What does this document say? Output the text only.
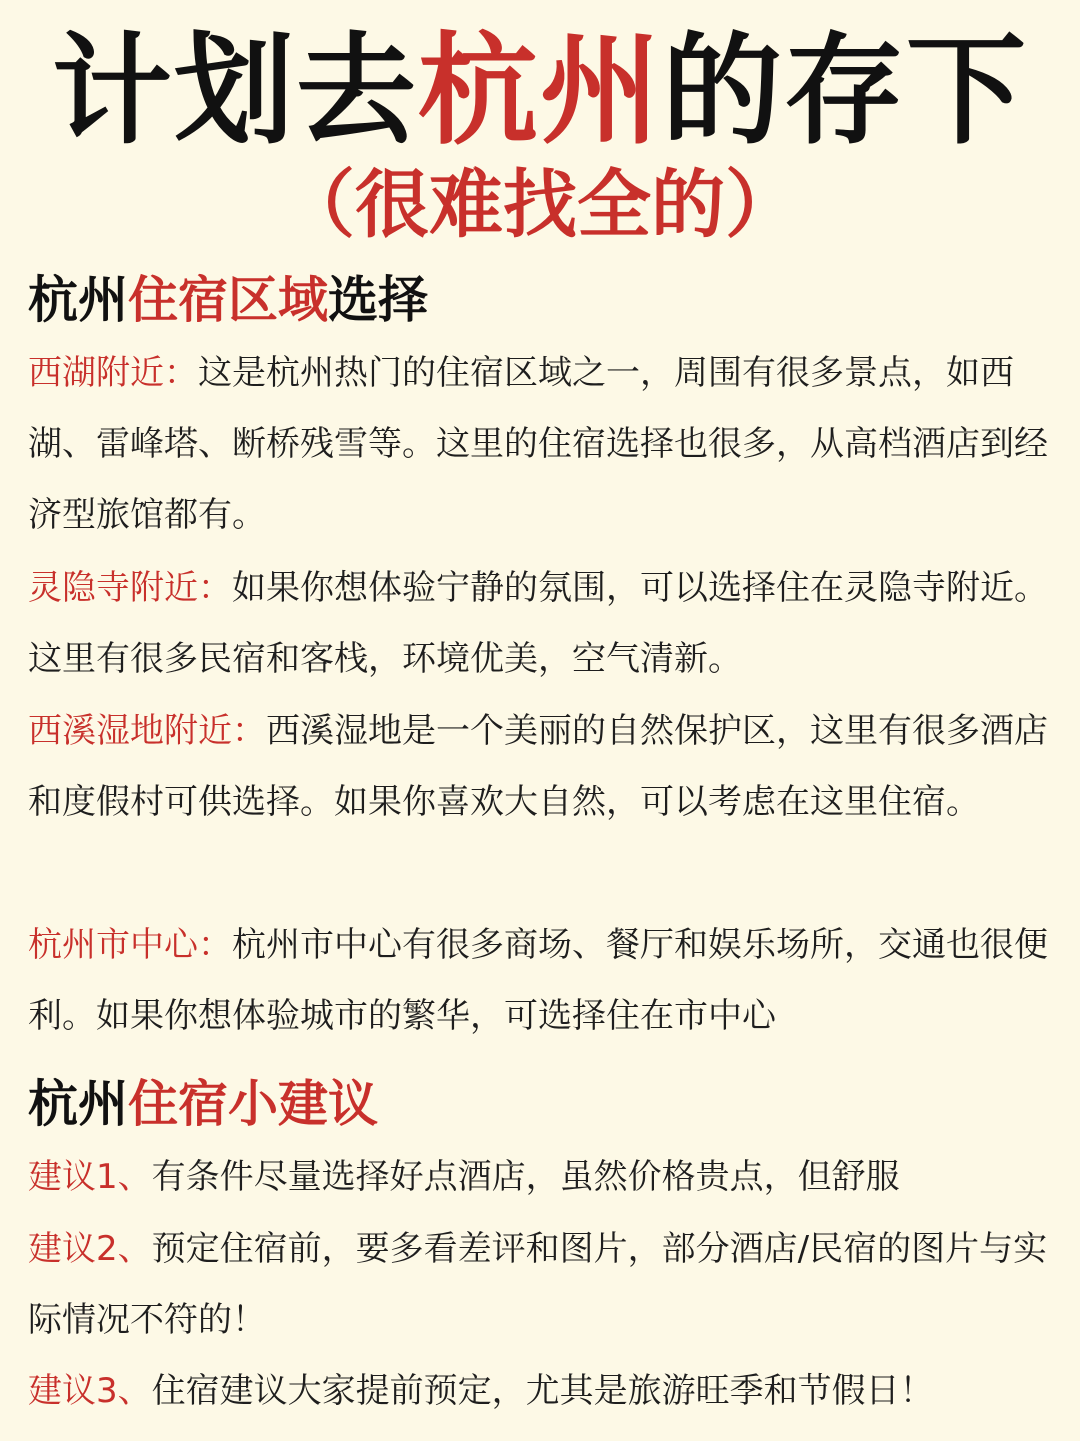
计划去杭州的存下
（很难找全的）
杭州住宿区域选择

西湖附近：这是杭州热门的住宿区域之一，周围有很多景点，如西湖、雷峰塔、断桥残雪等。这里的住宿选择也很多，从高档酒店到经济型旅馆都有。

灵隐寺附近：如果你想体验宁静的氛围，可以选择住在灵隐寺附近。这里有很多民宿和客栈，环境优美，空气清新。

西溪湿地附近：西溪湿地是一个美丽的自然保护区，这里有很多酒店和度假村可供选择。如果你喜欢大自然，可以考虑在这里住宿。

杭州市中心：杭州市中心有很多商场、餐厅和娱乐场所，交通也很便利。如果你想体验城市的繁华，可选择住在市中心

杭州住宿小建议

建议1、有条件尽量选择好点酒店，虽然价格贵点，但舒服

建议2、预定住宿前，要多看差评和图片，部分酒店/民宿的图片与实际情况不符的！

建议3、住宿建议大家提前预定，尤其是旅游旺季和节假日！
